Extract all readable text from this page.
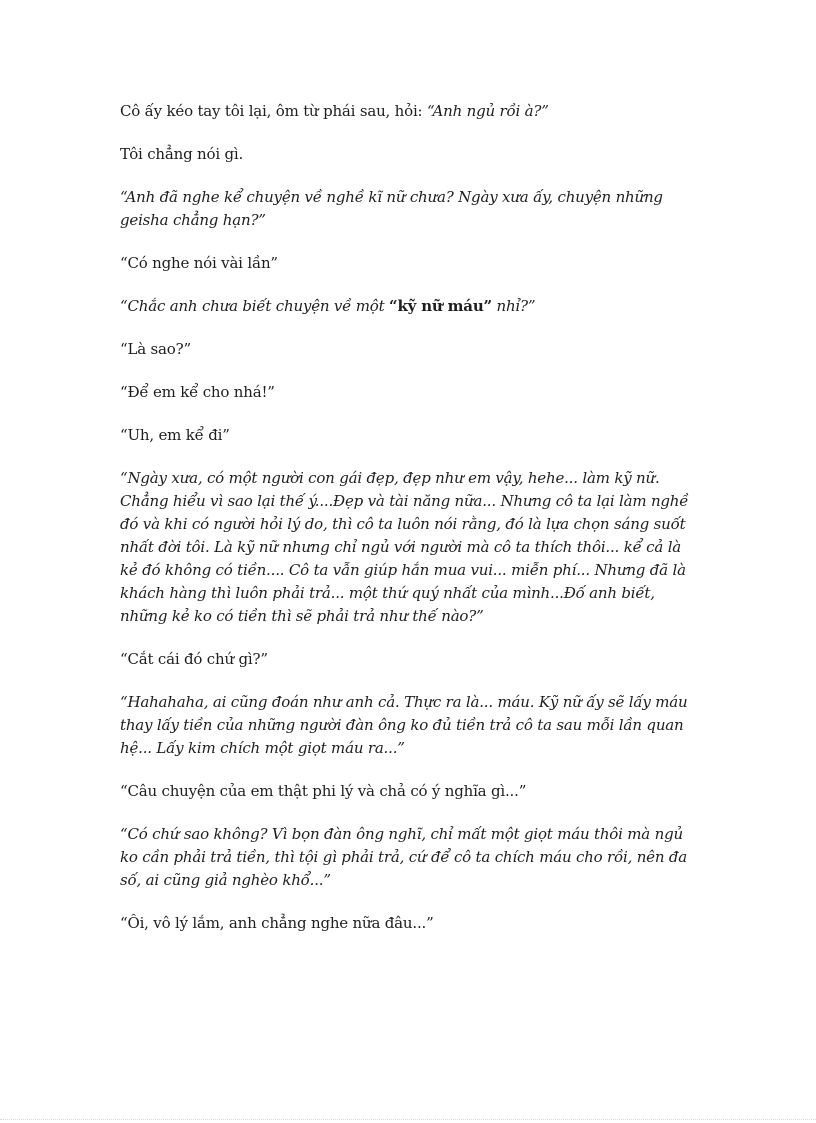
Cô ấy kéo tay tôi lại, ôm từ phái sau, hỏi: “Anh ngủ rồi à?”

Tôi chẳng nói gì.

“Anh đã nghe kể chuyện về nghề kĩ nữ chưa? Ngày xưa ấy, chuyện những geisha chẳng hạn?”

“Có nghe nói vài lần”

“Chắc anh chưa biết chuyện về một “kỹ nữ máu” nhỉ?”

“Là sao?”

“Để em kể cho nhá!”

“Uh, em kể đi”

“Ngày xưa, có một người con gái đẹp, đẹp như em vậy, hehe... làm kỹ nữ. Chẳng hiểu vì sao lại thế ý....Đẹp và tài năng nữa... Nhưng cô ta lại làm nghề đó và khi có người hỏi lý do, thì cô ta luôn nói rằng, đó là lựa chọn sáng suốt nhất đời tôi. Là kỹ nữ nhưng chỉ ngủ với người mà cô ta thích thôi... kể cả là kẻ đó không có tiền.... Cô ta vẫn giúp hắn mua vui... miễn phí... Nhưng đã là khách hàng thì luôn phải trả... một thứ quý nhất của mình...Đố anh biết, những kẻ ko có tiền thì sẽ phải trả như thế nào?”

“Cắt cái đó chứ gì?”

“Hahahaha, ai cũng đoán như anh cả. Thực ra là... máu. Kỹ nữ ấy sẽ lấy máu thay lấy tiền của những người đàn ông ko đủ tiền trả cô ta sau mỗi lần quan hệ... Lấy kim chích một giọt máu ra...”

“Câu chuyện của em thật phi lý và chả có ý nghĩa gì...”

“Có chứ sao không? Vì bọn đàn ông nghĩ, chỉ mất một giọt máu thôi mà ngủ ko cần phải trả tiền, thì tội gì phải trả, cứ để cô ta chích máu cho rồi, nên đa số, ai cũng giả nghèo khổ...”

“Ôi, vô lý lắm, anh chẳng nghe nữa đâu...”
